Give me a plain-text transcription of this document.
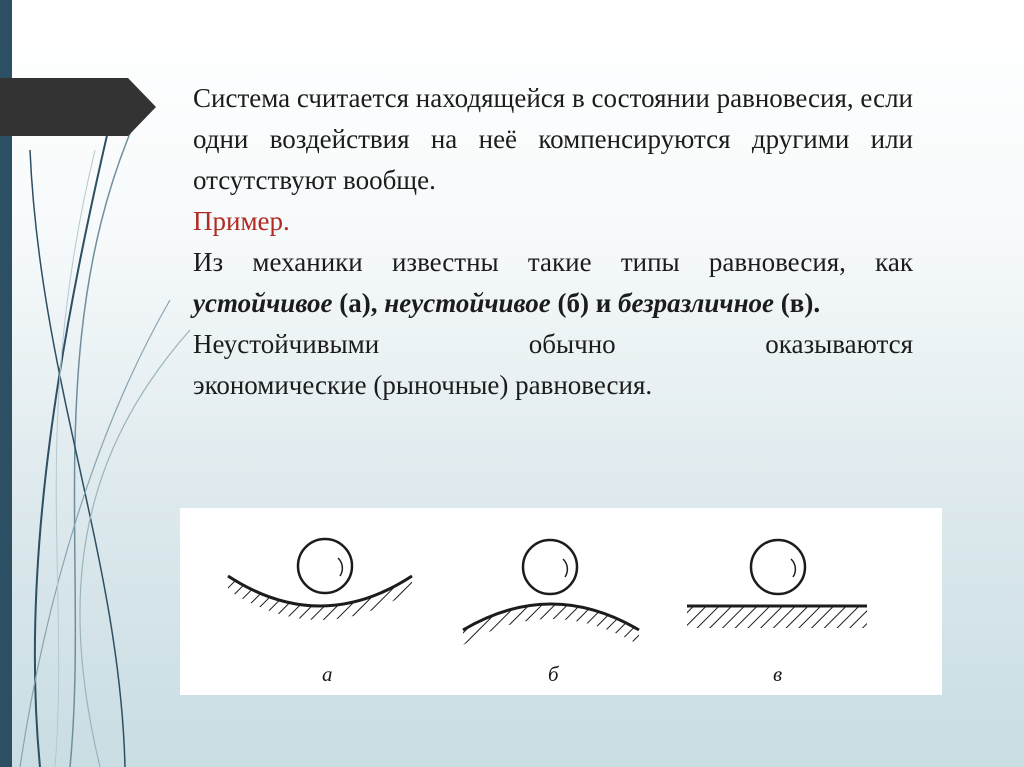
Система считается находящейся в состоянии равновесия, если одни воздействия на неё компенсируются другими или отсутствуют вообще.

Пример.

Из механики известны такие типы равновесия, как устойчивое (а), неустойчивое (б) и безразличное (в).

Неустойчивыми обычно оказываются

экономические (рыночные) равновесия.

а	б	в
